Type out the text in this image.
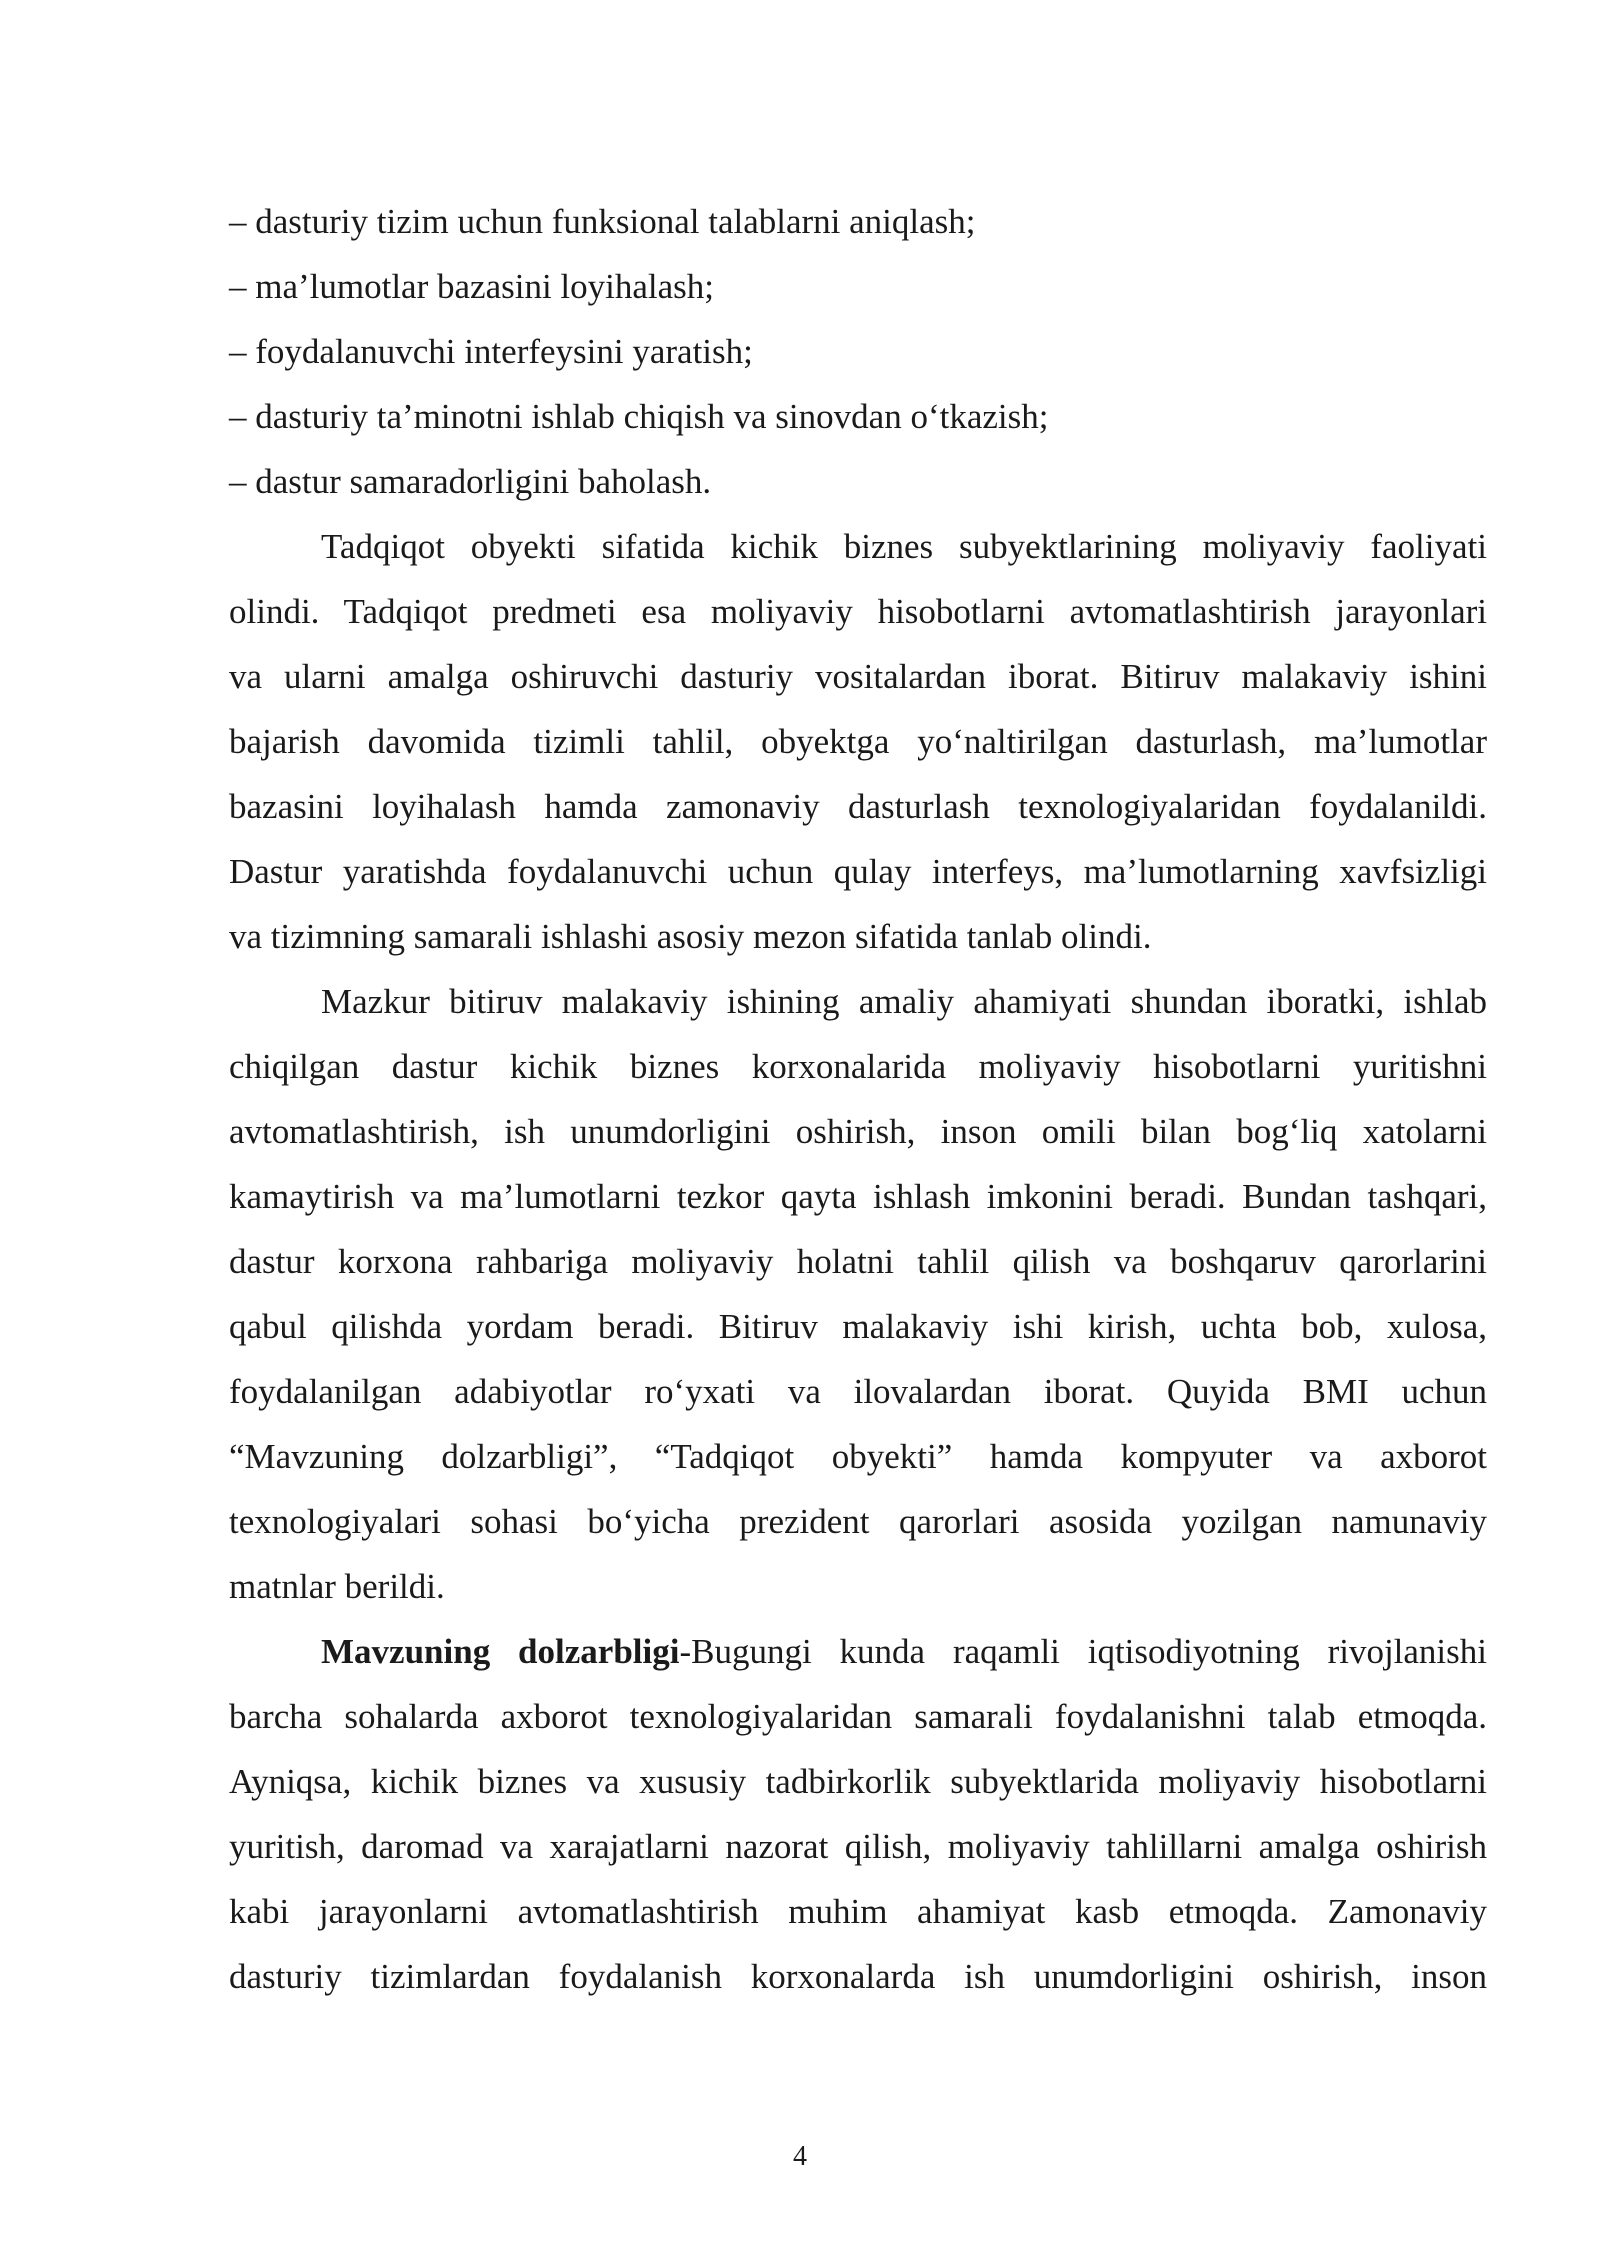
– dasturiy tizim uchun funksional talablarni aniqlash;

– ma’lumotlar bazasini loyihalash;

– foydalanuvchi interfeysini yaratish;

– dasturiy ta’minotni ishlab chiqish va sinovdan o‘tkazish;

– dastur samaradorligini baholash.

Tadqiqot obyekti sifatida kichik biznes subyektlarining moliyaviy faoliyati

olindi. Tadqiqot predmeti esa moliyaviy hisobotlarni avtomatlashtirish jarayonlari

va ularni amalga oshiruvchi dasturiy vositalardan iborat. Bitiruv malakaviy ishini

bajarish davomida tizimli tahlil, obyektga yo‘naltirilgan dasturlash, ma’lumotlar

bazasini loyihalash hamda zamonaviy dasturlash texnologiyalaridan foydalanildi.

Dastur yaratishda foydalanuvchi uchun qulay interfeys, ma’lumotlarning xavfsizligi

va tizimning samarali ishlashi asosiy mezon sifatida tanlab olindi.

Mazkur bitiruv malakaviy ishining amaliy ahamiyati shundan iboratki, ishlab

chiqilgan dastur kichik biznes korxonalarida moliyaviy hisobotlarni yuritishni

avtomatlashtirish, ish unumdorligini oshirish, inson omili bilan bog‘liq xatolarni

kamaytirish va ma’lumotlarni tezkor qayta ishlash imkonini beradi. Bundan tashqari,

dastur korxona rahbariga moliyaviy holatni tahlil qilish va boshqaruv qarorlarini

qabul qilishda yordam beradi. Bitiruv malakaviy ishi kirish, uchta bob, xulosa,

foydalanilgan adabiyotlar ro‘yxati va ilovalardan iborat. Quyida BMI uchun

“Mavzuning dolzarbligi”, “Tadqiqot obyekti” hamda kompyuter va axborot

texnologiyalari sohasi bo‘yicha prezident qarorlari asosida yozilgan namunaviy

matnlar berildi.

Mavzuning dolzarbligi-Bugungi kunda raqamli iqtisodiyotning rivojlanishi

barcha sohalarda axborot texnologiyalaridan samarali foydalanishni talab etmoqda.

Ayniqsa, kichik biznes va xususiy tadbirkorlik subyektlarida moliyaviy hisobotlarni

yuritish, daromad va xarajatlarni nazorat qilish, moliyaviy tahlillarni amalga oshirish

kabi jarayonlarni avtomatlashtirish muhim ahamiyat kasb etmoqda. Zamonaviy

dasturiy tizimlardan foydalanish korxonalarda ish unumdorligini oshirish, inson

4
